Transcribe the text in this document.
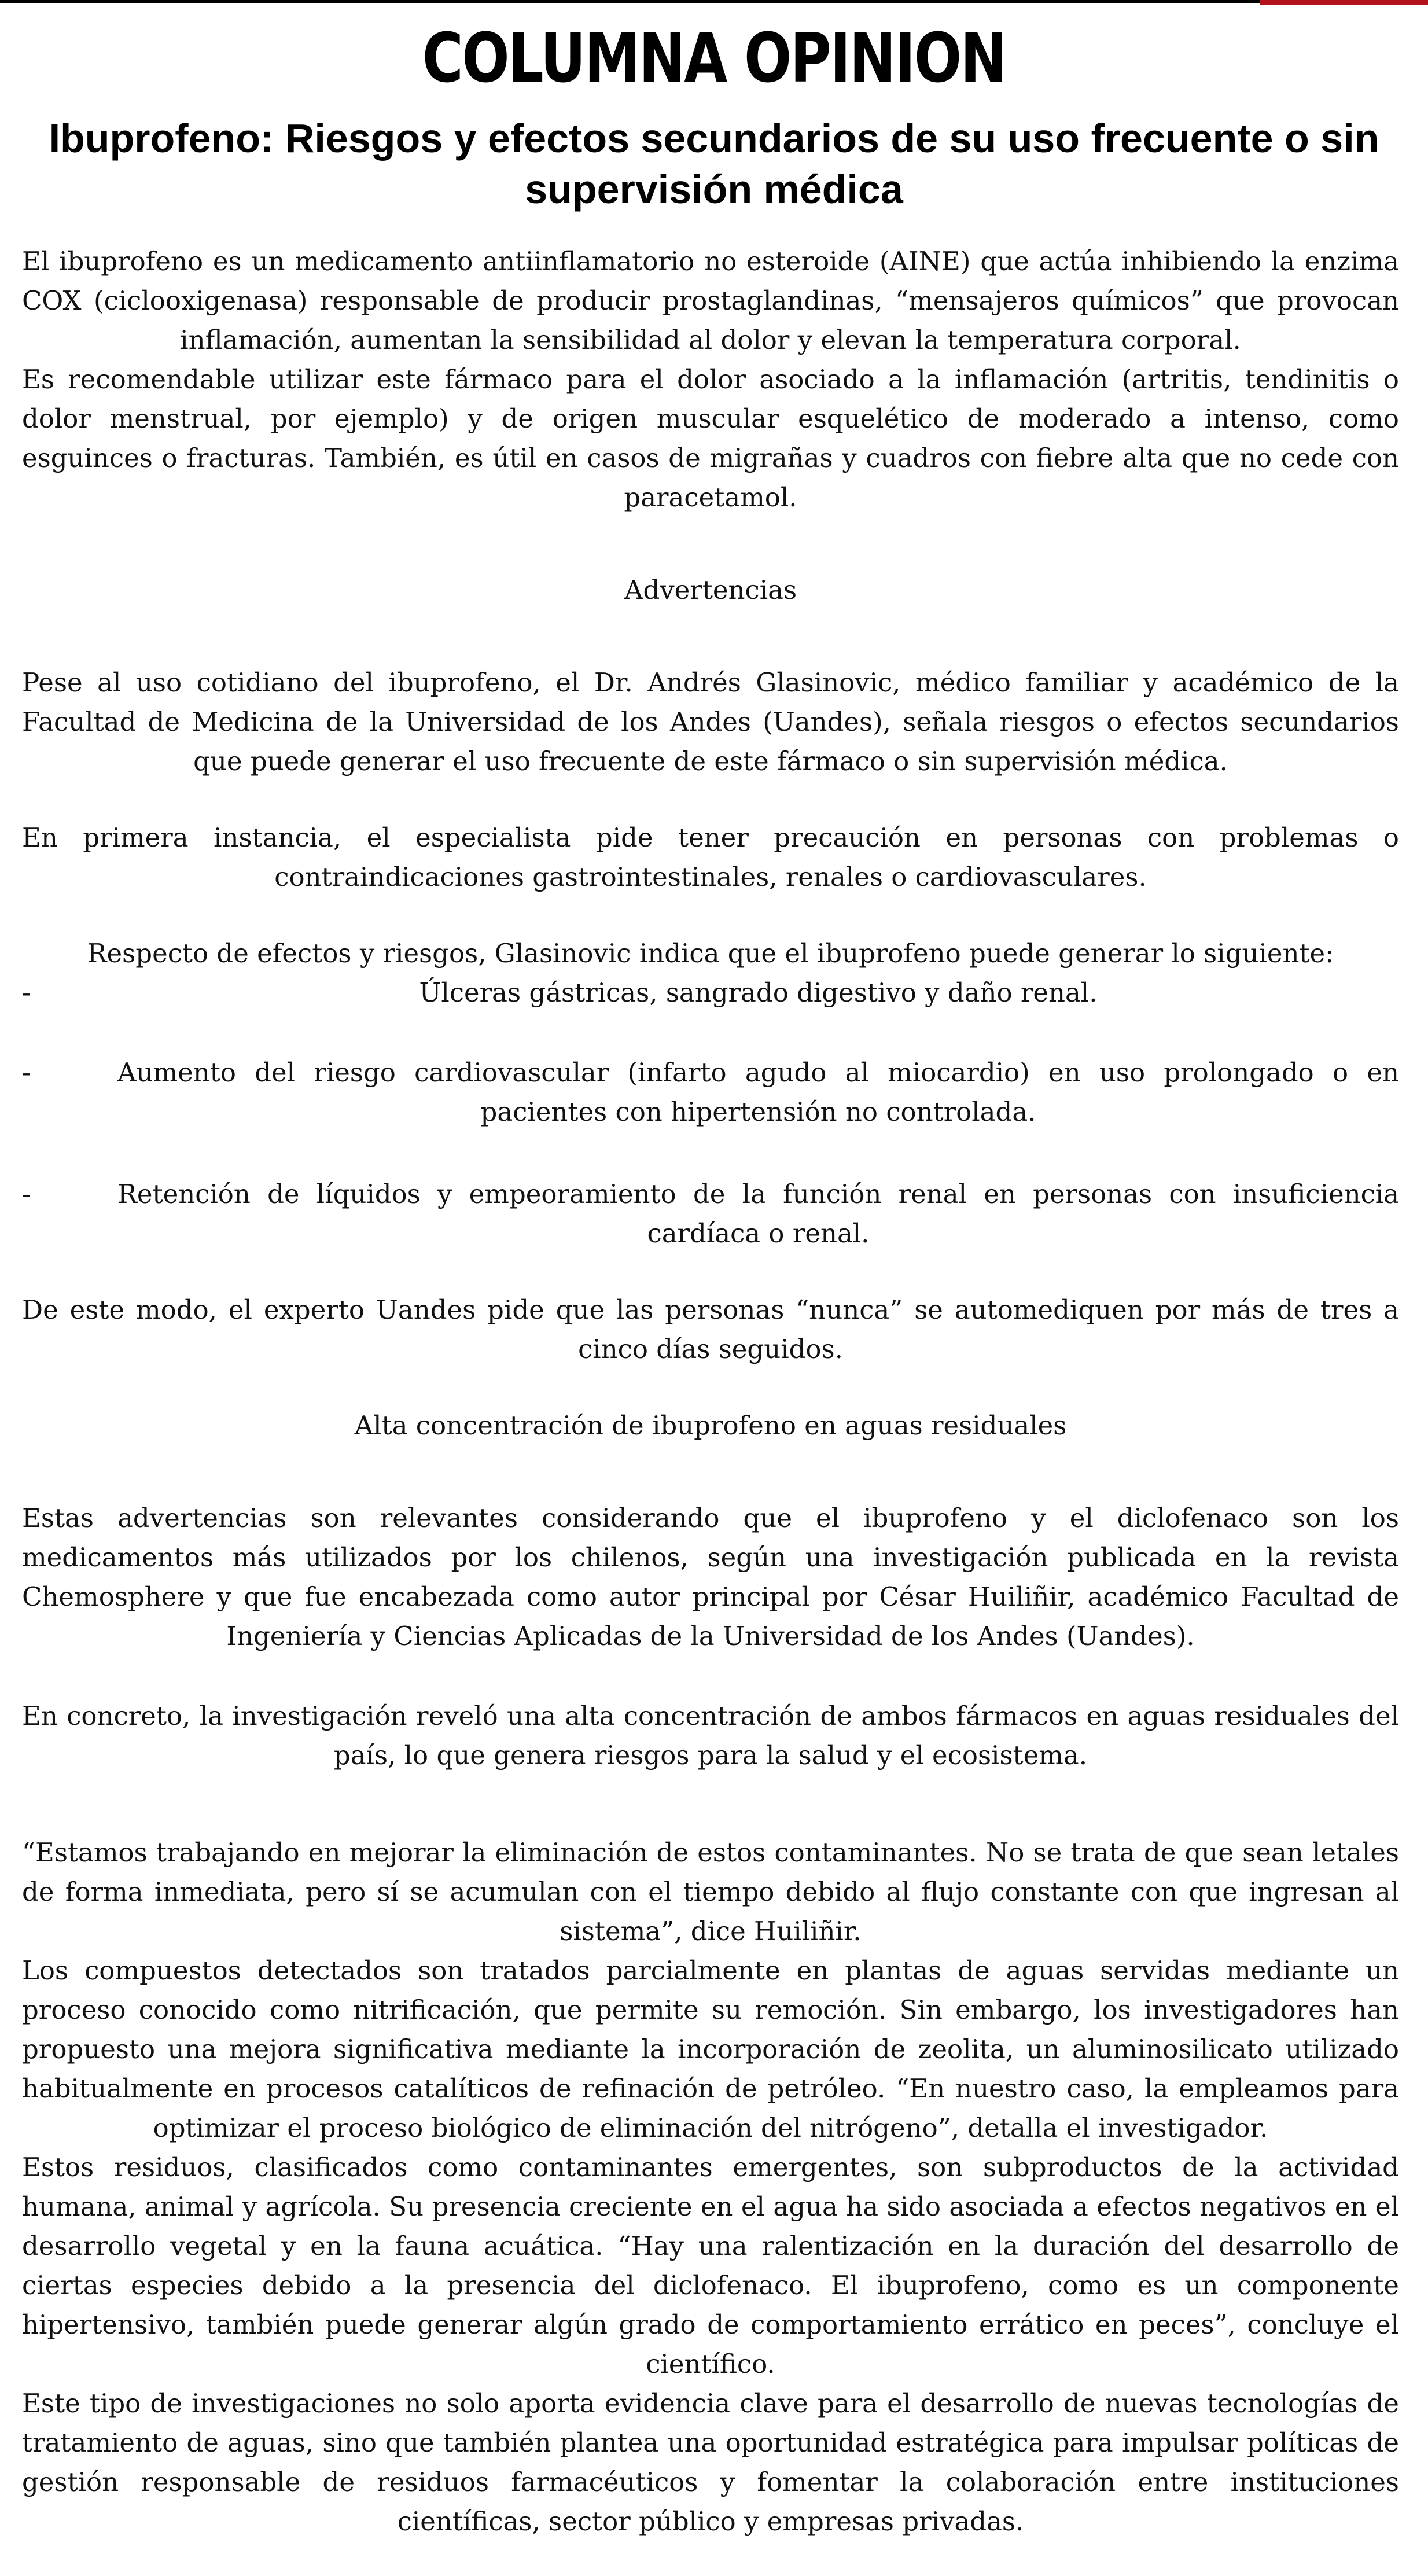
COLUMNA OPINION
Ibuprofeno: Riesgos y efectos secundarios de su uso frecuente o sin supervisión médica

El ibuprofeno es un medicamento antiinflamatorio no esteroide (AINE) que actúa inhibiendo la enzima COX (ciclooxigenasa) responsable de producir prostaglandinas, “mensajeros químicos” que provocan inflamación, aumentan la sensibilidad al dolor y elevan la temperatura corporal.

Es recomendable utilizar este fármaco para el dolor asociado a la inflamación (artritis, tendinitis o dolor menstrual, por ejemplo) y de origen muscular esquelético de moderado a intenso, como esguinces o fracturas. También, es útil en casos de migrañas y cuadros con fiebre alta que no cede con paracetamol.

Advertencias

Pese al uso cotidiano del ibuprofeno, el Dr. Andrés Glasinovic, médico familiar y académico de la Facultad de Medicina de la Universidad de los Andes (Uandes), señala riesgos o efectos secundarios que puede generar el uso frecuente de este fármaco o sin supervisión médica.

En primera instancia, el especialista pide tener precaución en personas con problemas o contraindicaciones gastrointestinales, renales o cardiovasculares.

Respecto de efectos y riesgos, Glasinovic indica que el ibuprofeno puede generar lo siguiente:

-	Úlceras gástricas, sangrado digestivo y daño renal.
-	Aumento del riesgo cardiovascular (infarto agudo al miocardio) en uso prolongado o en pacientes con hipertensión no controlada.
-	Retención de líquidos y empeoramiento de la función renal en personas con insuficiencia cardíaca o renal.

De este modo, el experto Uandes pide que las personas “nunca” se automediquen por más de tres a cinco días seguidos.

Alta concentración de ibuprofeno en aguas residuales

Estas advertencias son relevantes considerando que el ibuprofeno y el diclofenaco son los medicamentos más utilizados por los chilenos, según una investigación publicada en la revista Chemosphere y que fue encabezada como autor principal por César Huiliñir, académico Facultad de Ingeniería y Ciencias Aplicadas de la Universidad de los Andes (Uandes).

En concreto, la investigación reveló una alta concentración de ambos fármacos en aguas residuales del país, lo que genera riesgos para la salud y el ecosistema.

“Estamos trabajando en mejorar la eliminación de estos contaminantes. No se trata de que sean letales de forma inmediata, pero sí se acumulan con el tiempo debido al flujo constante con que ingresan al sistema”, dice Huiliñir.

Los compuestos detectados son tratados parcialmente en plantas de aguas servidas mediante un proceso conocido como nitrificación, que permite su remoción. Sin embargo, los investigadores han propuesto una mejora significativa mediante la incorporación de zeolita, un aluminosilicato utilizado habitualmente en procesos catalíticos de refinación de petróleo. “En nuestro caso, la empleamos para optimizar el proceso biológico de eliminación del nitrógeno”, detalla el investigador.

Estos residuos, clasificados como contaminantes emergentes, son subproductos de la actividad humana, animal y agrícola. Su presencia creciente en el agua ha sido asociada a efectos negativos en el desarrollo vegetal y en la fauna acuática. “Hay una ralentización en la duración del desarrollo de ciertas especies debido a la presencia del diclofenaco. El ibuprofeno, como es un componente hipertensivo, también puede generar algún grado de comportamiento errático en peces”, concluye el científico.

Este tipo de investigaciones no solo aporta evidencia clave para el desarrollo de nuevas tecnologías de tratamiento de aguas, sino que también plantea una oportunidad estratégica para impulsar políticas de gestión responsable de residuos farmacéuticos y fomentar la colaboración entre instituciones científicas, sector público y empresas privadas.
